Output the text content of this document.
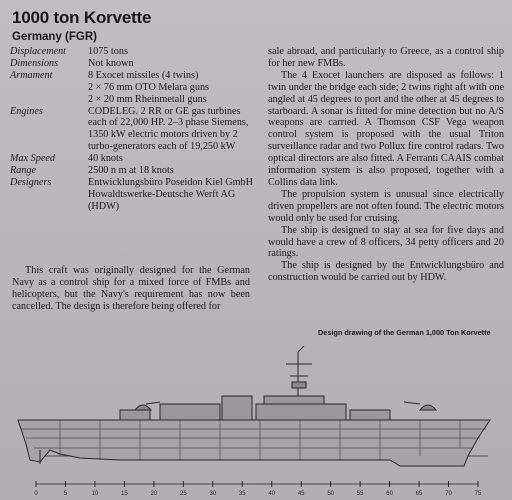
1000 ton Korvette
Germany (FGR)
Displacement	1075 tons
Dimensions	Not known
Armament	8 Exocet missiles (4 twins)
2 × 76 mm OTO Melara guns
2 × 20 mm Rheinmetall guns
Engines	CODELEG. 2 RR or GE gas turbines each of 22,000 HP. 2–3 phase Siemens, 1350 kW electric motors driven by 2 turbo-generators each of 19,250 kW
Max Speed	40 knots
Range	2500 n m at 18 knots
Designers	Entwicklungsbüro Poseidon Kiel GmbH
Howaldtswerke-Deutsche Werft AG (HDW)

This craft was originally designed for the German Navy as a control ship for a mixed force of FMBs and helicopters, but the Navy's requirement has now been cancelled. The design is therefore being offered for

sale abroad, and particularly to Greece, as a control ship for her new FMBs.

The 4 Exocet launchers are disposed as follows: 1 twin under the bridge each side; 2 twins right aft with one angled at 45 degrees to port and the other at 45 degrees to starboard. A sonar is fitted for mine detection but no A/S weapons are carried. A Thomson CSF Vega weapon control system is proposed with the usual Triton surveillance radar and two Pollux fire control radars. Two optical directors are also fitted. A Ferranti CAAIS combat information system is also proposed, together with a Collins data link.

The propulsion system is unusual since electrically driven propellers are not often found. The electric motors would only be used for cruising.

The ship is designed to stay at sea for five days and would have a crew of 8 officers, 34 petty officers and 20 ratings.

The ship is designed by the Entwicklungsbüro and construction would be carried out by HDW.

Design drawing of the German 1,000 Ton Korvette
0	5	10	15	20	25	30	35	40	45	50	55	60	65	70	75
